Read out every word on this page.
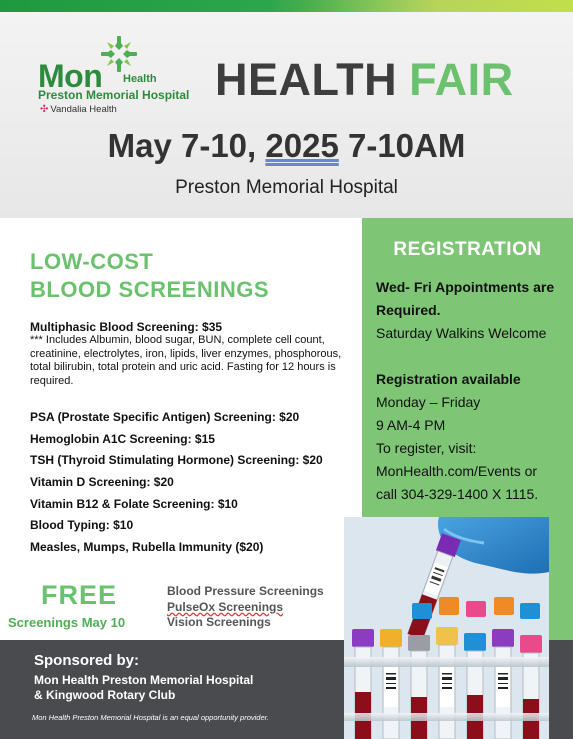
Mon Health
Preston Memorial Hospital
✣ Vandalia Health
HEALTH FAIR
May 7-10, 2025 7-10AM
Preston Memorial Hospital
LOW-COST
BLOOD SCREENINGS
Multiphasic Blood Screening: $35
*** Includes Albumin, blood sugar, BUN, complete cell count, creatinine, electrolytes, iron, lipids, liver enzymes, phosphorous, total bilirubin, total protein and uric acid. Fasting for 12 hours is required.
PSA (Prostate Specific Antigen) Screening: $20
Hemoglobin A1C Screening: $15
TSH (Thyroid Stimulating Hormone) Screening: $20
Vitamin D Screening: $20
Vitamin B12 & Folate Screening: $10
Blood Typing: $10
Measles, Mumps, Rubella Immunity ($20)
REGISTRATION
Wed- Fri Appointments are Required.
Saturday Walkins Welcome
Registration available
Monday – Friday
9 AM-4 PM
To register, visit:
MonHealth.com/Events or
call 304-329-1400 X 1115.
FREE
Screenings May 10
Blood Pressure Screenings
PulseOx Screenings
Vision Screenings
Sponsored by:
Mon Health Preston Memorial Hospital
& Kingwood Rotary Club
Mon Health Preston Memorial Hospital is an equal opportunity provider.
